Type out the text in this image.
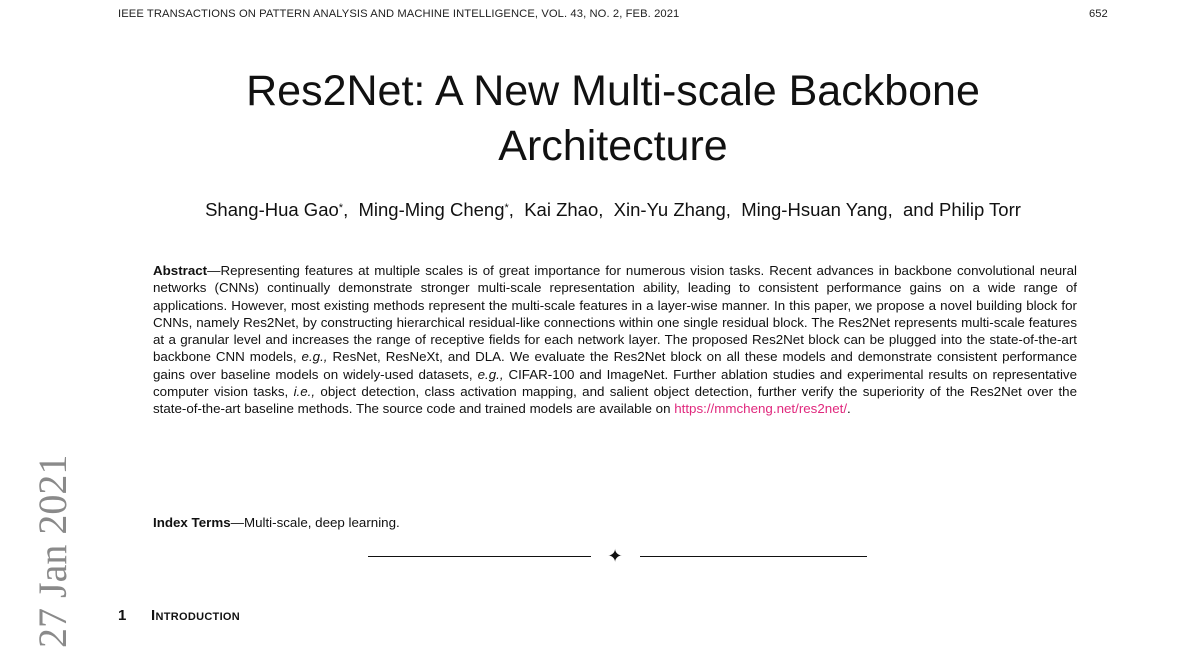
IEEE TRANSACTIONS ON PATTERN ANALYSIS AND MACHINE INTELLIGENCE, VOL. 43, NO. 2, FEB. 2021	652
Res2Net: A New Multi-scale Backbone
Architecture
Shang-Hua Gao*,  Ming-Ming Cheng*,  Kai Zhao,  Xin-Yu Zhang,  Ming-Hsuan Yang,  and Philip Torr

Abstract—Representing features at multiple scales is of great importance for numerous vision tasks. Recent advances in backbone convolutional neural networks (CNNs) continually demonstrate stronger multi-scale representation ability, leading to consistent performance gains on a wide range of applications. However, most existing methods represent the multi-scale features in a layer-wise manner. In this paper, we propose a novel building block for CNNs, namely Res2Net, by constructing hierarchical residual-like connections within one single residual block. The Res2Net represents multi-scale features at a granular level and increases the range of receptive fields for each network layer. The proposed Res2Net block can be plugged into the state-of-the-art backbone CNN models, e.g., ResNet, ResNeXt, and DLA. We evaluate the Res2Net block on all these models and demonstrate consistent performance gains over baseline models on widely-used datasets, e.g., CIFAR-100 and ImageNet. Further ablation studies and experimental results on representative computer vision tasks, i.e., object detection, class activation mapping, and salient object detection, further verify the superiority of the Res2Net over the state-of-the-art baseline methods. The source code and trained models are available on https://mmcheng.net/res2net/.

Index Terms—Multi-scale, deep learning.
✦
1 Introduction
27 Jan 2021
